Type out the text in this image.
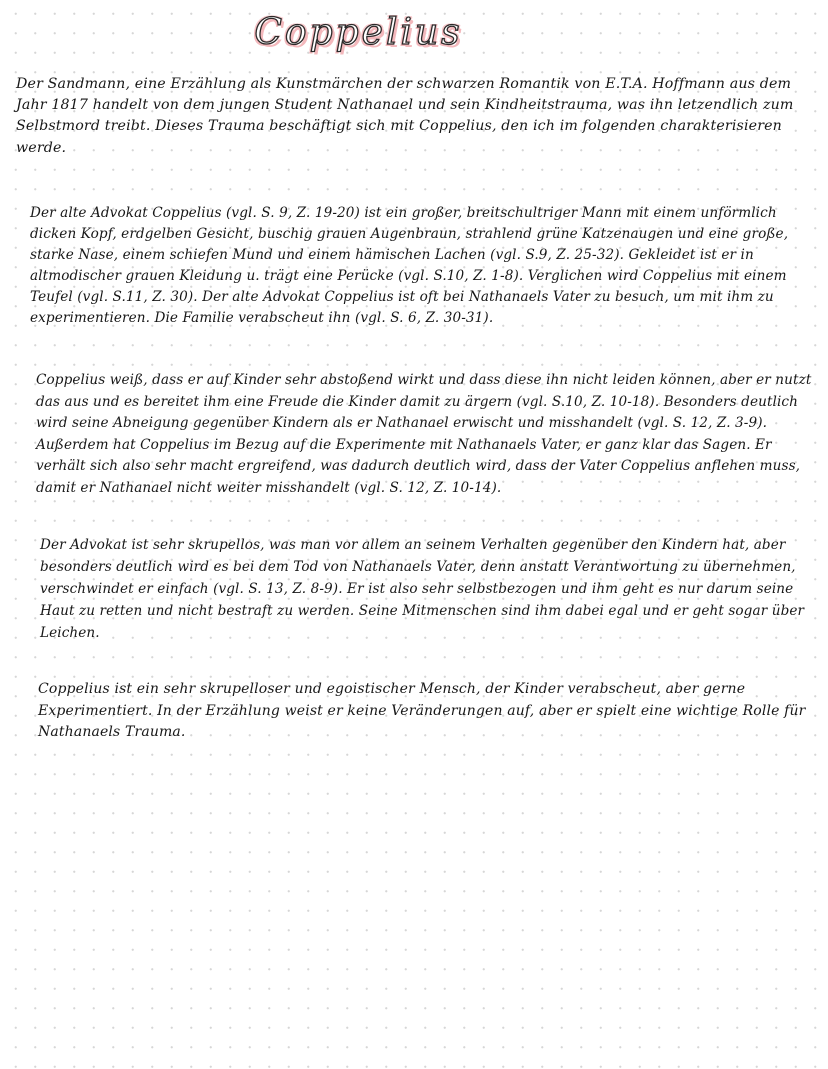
Coppelius

Der Sandmann, eine Erzählung als Kunstmärchen der schwarzen Romantik von E.T.A. Hoffmann aus dem Jahr 1817 handelt von dem jungen Student Nathanael und sein Kindheitstrauma, was ihn letzendlich zum Selbstmord treibt. Dieses Trauma beschäftigt sich mit Coppelius, den ich im folgenden charakterisieren werde.

Der alte Advokat Coppelius (vgl. S. 9, Z. 19-20) ist ein großer, breitschultriger Mann mit einem unförmlich dicken Kopf, erdgelben Gesicht, buschig grauen Augenbraun, strahlend grüne Katzenaugen und eine große, starke Nase, einem schiefen Mund und einem hämischen Lachen (vgl. S.9, Z. 25-32). Gekleidet ist er in altmodischer grauen Kleidung u. trägt eine Perücke (vgl. S.10, Z. 1-8). Verglichen wird Coppelius mit einem Teufel (vgl. S.11, Z. 30). Der alte Advokat Coppelius ist oft bei Nathanaels Vater zu besuch, um mit ihm zu experimentieren. Die Familie verabscheut ihn (vgl. S. 6, Z. 30-31).

Coppelius weiß, dass er auf Kinder sehr abstoßend wirkt und dass diese ihn nicht leiden können, aber er nutzt das aus und es bereitet ihm eine Freude die Kinder damit zu ärgern (vgl. S.10, Z. 10-18). Besonders deutlich wird seine Abneigung gegenüber Kindern als er Nathanael erwischt und misshandelt (vgl. S. 12, Z. 3-9). Außerdem hat Coppelius im Bezug auf die Experimente mit Nathanaels Vater, er ganz klar das Sagen. Er verhält sich also sehr macht ergreifend, was dadurch deutlich wird, dass der Vater Coppelius anflehen muss, damit er Nathanael nicht weiter misshandelt (vgl. S. 12, Z. 10-14).

Der Advokat ist sehr skrupellos, was man vor allem an seinem Verhalten gegenüber den Kindern hat, aber besonders deutlich wird es bei dem Tod von Nathanaels Vater, denn anstatt Verantwortung zu übernehmen, verschwindet er einfach (vgl. S. 13, Z. 8-9). Er ist also sehr selbstbezogen und ihm geht es nur darum seine Haut zu retten und nicht bestraft zu werden. Seine Mitmenschen sind ihm dabei egal und er geht sogar über Leichen.

Coppelius ist ein sehr skrupelloser und egoistischer Mensch, der Kinder verabscheut, aber gerne Experimentiert. In der Erzählung weist er keine Veränderungen auf, aber er spielt eine wichtige Rolle für Nathanaels Trauma.
